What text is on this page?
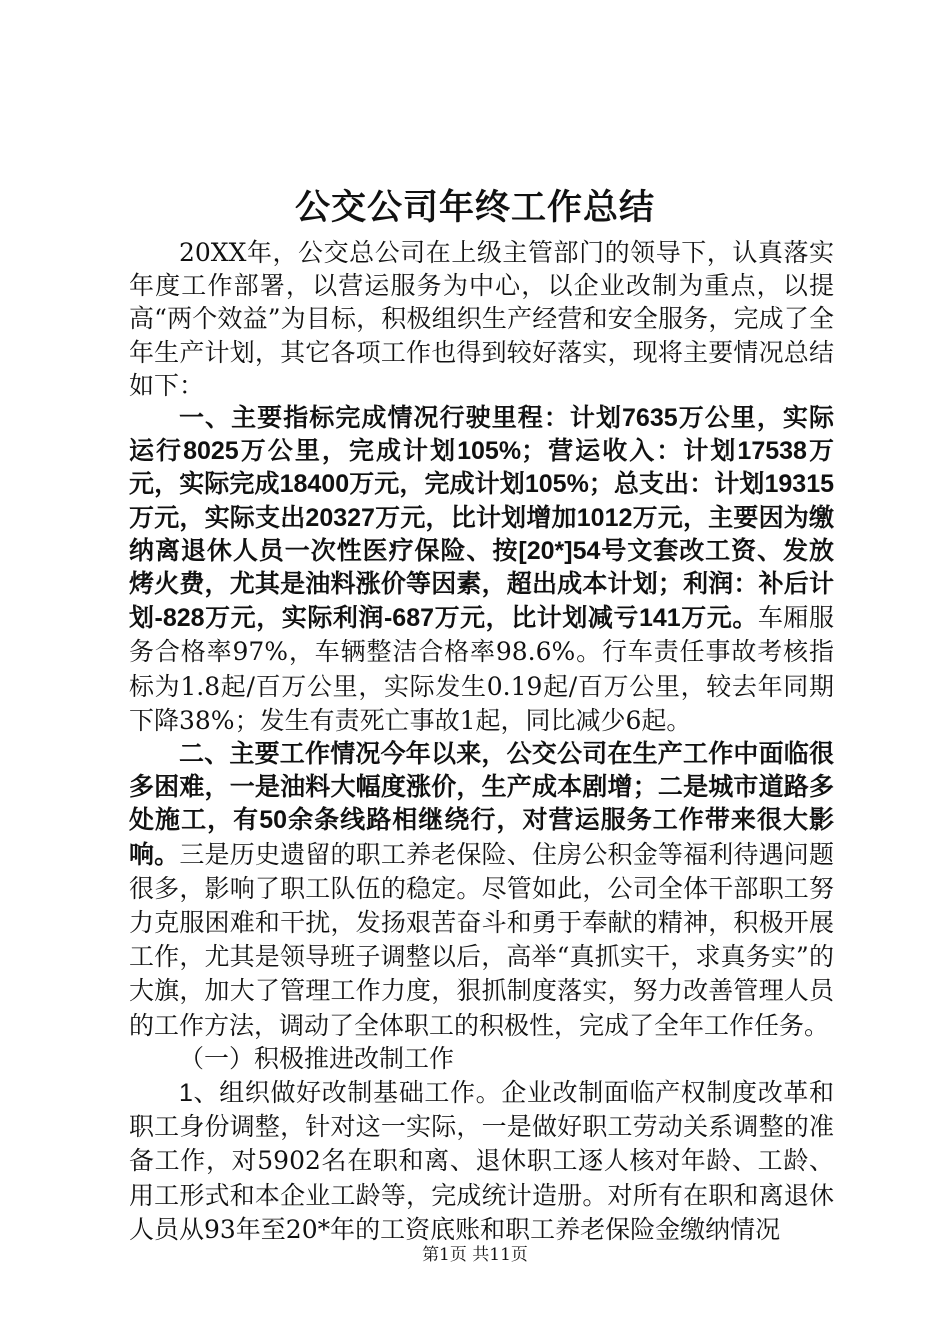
公交公司年终工作总结

20XX年，公交总公司在上级主管部门的领导下，认真落实年度工作部署，以营运服务为中心，以企业改制为重点，以提高“两个效益”为目标，积极组织生产经营和安全服务，完成了全年生产计划，其它各项工作也得到较好落实，现将主要情况总结如下：

一、主要指标完成情况行驶里程：计划7635万公里，实际运行8025万公里，完成计划105%；营运收入：计划17538万元，实际完成18400万元，完成计划105%；总支出：计划19315万元，实际支出20327万元，比计划增加1012万元，主要因为缴纳离退休人员一次性医疗保险、按[20*]54号文套改工资、发放烤火费，尤其是油料涨价等因素，超出成本计划；利润：补后计划-828万元，实际利润-687万元，比计划减亏141万元。车厢服务合格率97%，车辆整洁合格率98.6%。行车责任事故考核指标为1.8起/百万公里，实际发生0.19起/百万公里，较去年同期下降38%；发生有责死亡事故1起，同比减少6起。

二、主要工作情况今年以来，公交公司在生产工作中面临很多困难，一是油料大幅度涨价，生产成本剧增；二是城市道路多处施工，有50余条线路相继绕行，对营运服务工作带来很大影响。三是历史遗留的职工养老保险、住房公积金等福利待遇问题很多，影响了职工队伍的稳定。尽管如此，公司全体干部职工努力克服困难和干扰，发扬艰苦奋斗和勇于奉献的精神，积极开展工作，尤其是领导班子调整以后，高举“真抓实干，求真务实”的大旗，加大了管理工作力度，狠抓制度落实，努力改善管理人员的工作方法，调动了全体职工的积极性，完成了全年工作任务。

（一）积极推进改制工作

1、组织做好改制基础工作。企业改制面临产权制度改革和职工身份调整，针对这一实际，一是做好职工劳动关系调整的准备工作，对5902名在职和离、退休职工逐人核对年龄、工龄、用工形式和本企业工龄等，完成统计造册。对所有在职和离退休人员从93年至20*年的工资底账和职工养老保险金缴纳情况

第1页 共11页
